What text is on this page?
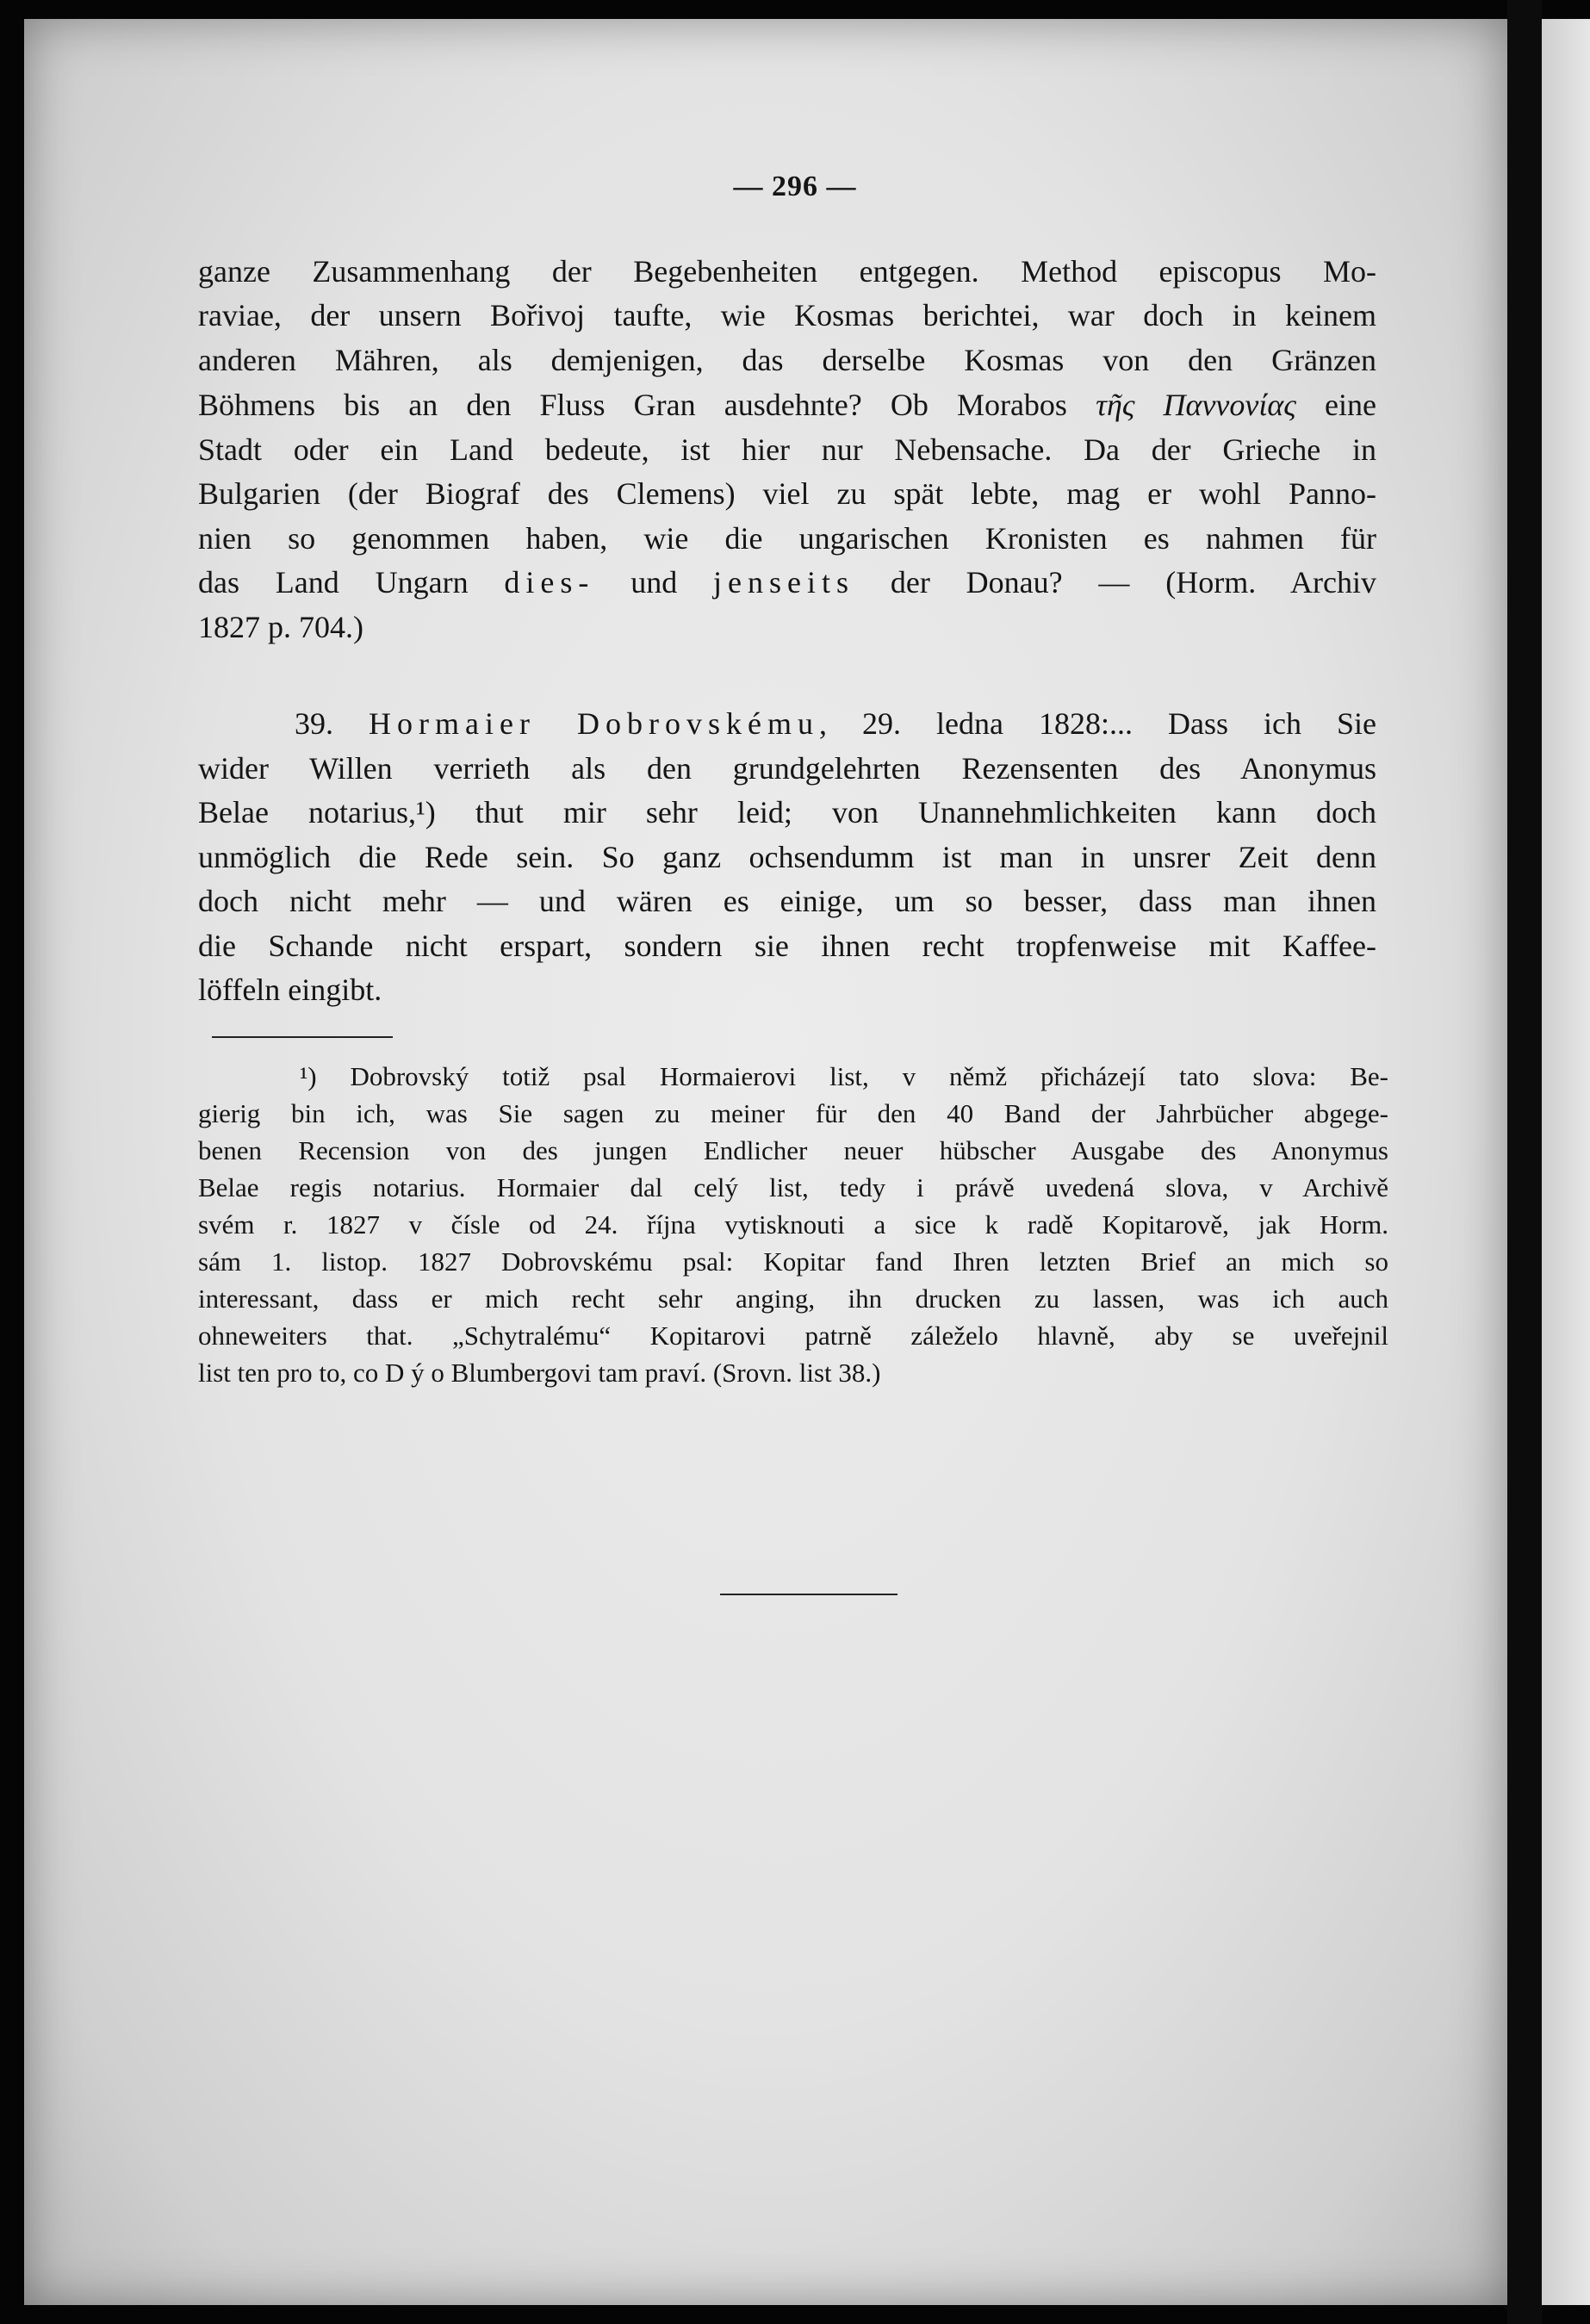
— 296 —
ganze Zusammenhang der Begebenheiten entgegen. Method episcopus Mo-
raviae, der unsern Bořivoj taufte, wie Kosmas berichtei, war doch in keinem
anderen Mähren, als demjenigen, das derselbe Kosmas von den Gränzen
Böhmens bis an den Fluss Gran ausdehnte? Ob Morabos τῆς Παννονίας eine
Stadt oder ein Land bedeute, ist hier nur Nebensache. Da der Grieche in
Bulgarien (der Biograf des Clemens) viel zu spät lebte, mag er wohl Panno-
nien so genommen haben, wie die ungarischen Kronisten es nahmen für
das Land Ungarn dies- und jenseits der Donau? — (Horm. Archiv
1827 p. 704.)
39. Hormaier Dobrovskému, 29. ledna 1828:... Dass ich Sie
wider Willen verrieth als den grundgelehrten Rezensenten des Anonymus
Belae notarius,¹) thut mir sehr leid; von Unannehmlichkeiten kann doch
unmöglich die Rede sein. So ganz ochsendumm ist man in unsrer Zeit denn
doch nicht mehr — und wären es einige, um so besser, dass man ihnen
die Schande nicht erspart, sondern sie ihnen recht tropfenweise mit Kaffee-
löffeln eingibt.
¹) Dobrovský totiž psal Hormaierovi list, v němž přicházejí tato slova: Be-
gierig bin ich, was Sie sagen zu meiner für den 40 Band der Jahrbücher abgege-
benen Recension von des jungen Endlicher neuer hübscher Ausgabe des Anonymus
Belae regis notarius. Hormaier dal celý list, tedy i právě uvedená slova, v Archivě
svém r. 1827 v čísle od 24. října vytisknouti a sice k radě Kopitarově, jak Horm.
sám 1. listop. 1827 Dobrovskému psal: Kopitar fand Ihren letzten Brief an mich so
interessant, dass er mich recht sehr anging, ihn drucken zu lassen, was ich auch
ohneweiters that. „Schytralému“ Kopitarovi patrně záleželo hlavně, aby se uveřejnil
list ten pro to, co D ý o Blumbergovi tam praví. (Srovn. list 38.)
